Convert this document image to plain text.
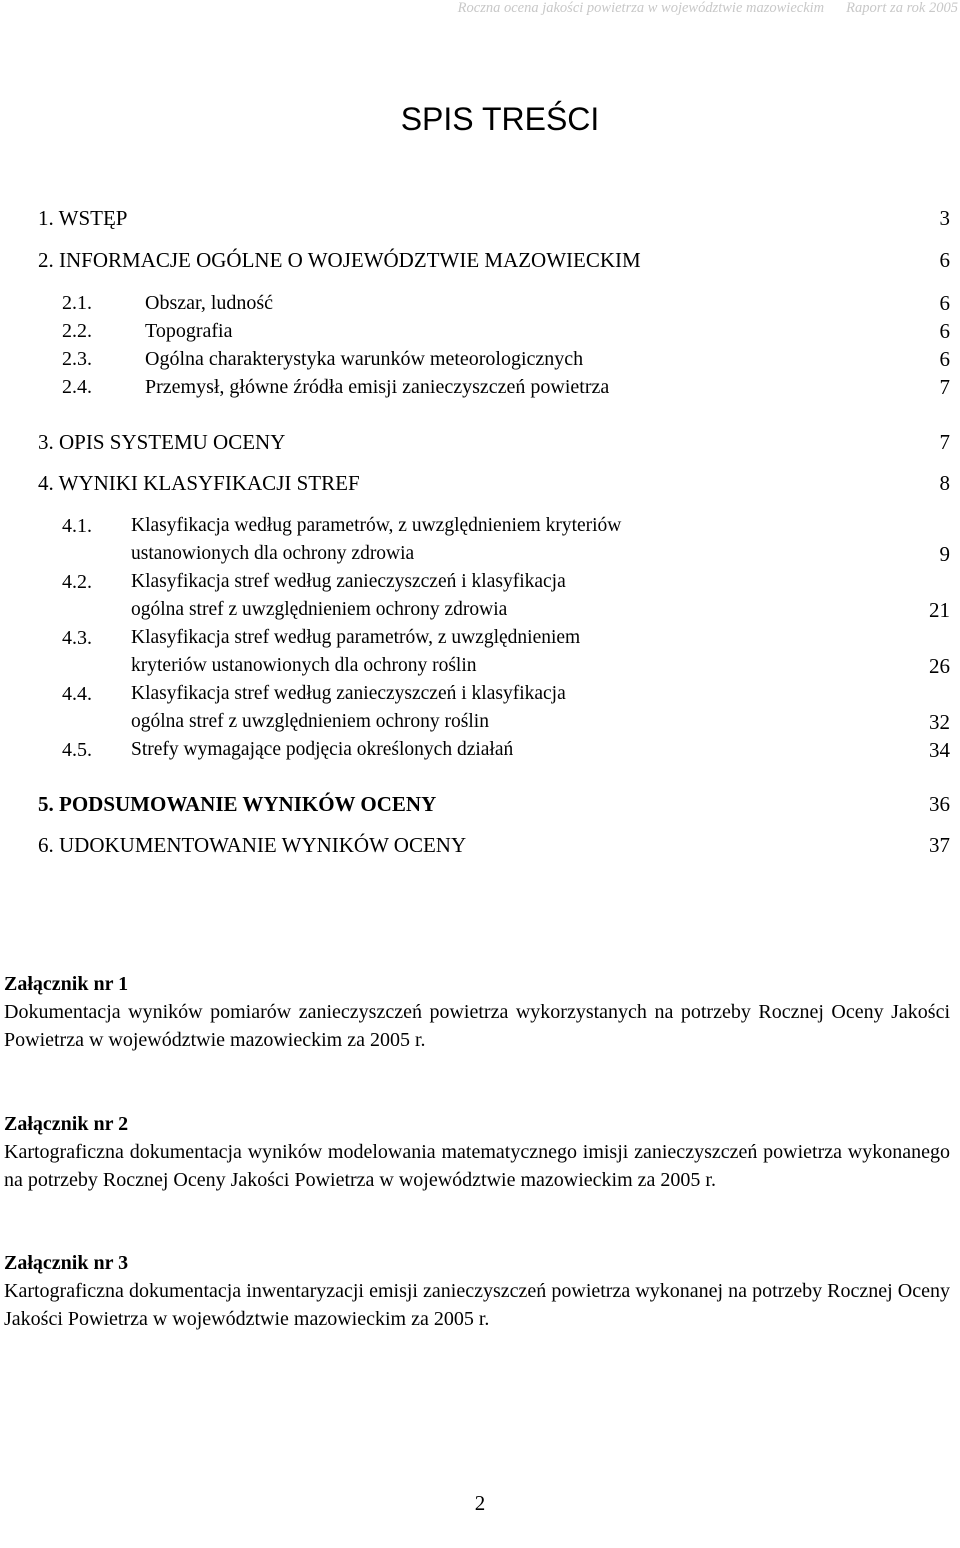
Roczna ocena jakości powietrza w województwie mazowieckim Raport za rok 2005
SPIS TREŚCI
1. WSTĘP	3
2. INFORMACJE OGÓLNE O WOJEWÓDZTWIE MAZOWIECKIM	6
2.1.	Obszar, ludność	6
2.2.	Topografia	6
2.3.	Ogólna charakterystyka warunków meteorologicznych	6
2.4.	Przemysł, główne źródła emisji zanieczyszczeń powietrza	7
3. OPIS SYSTEMU OCENY	7
4. WYNIKI KLASYFIKACJI STREF	8
4.1. Klasyfikacja według parametrów, z uwzględnieniem kryteriów
ustanowionych dla ochrony zdrowia	9
4.2. Klasyfikacja stref według zanieczyszczeń i klasyfikacja
ogólna stref z uwzględnieniem ochrony zdrowia	21
4.3. Klasyfikacja stref według parametrów, z uwzględnieniem
kryteriów ustanowionych dla ochrony roślin	26
4.4. Klasyfikacja stref według zanieczyszczeń i klasyfikacja
ogólna stref z uwzględnieniem ochrony roślin	32
4.5. Strefy wymagające podjęcia określonych działań	34
5. PODSUMOWANIE WYNIKÓW OCENY	36
6. UDOKUMENTOWANIE WYNIKÓW OCENY	37
Załącznik nr 1
Dokumentacja wyników pomiarów zanieczyszczeń powietrza wykorzystanych na potrzeby Rocznej Oceny Jakości Powietrza w województwie mazowieckim za 2005 r.
Załącznik nr 2
Kartograficzna dokumentacja wyników modelowania matematycznego imisji zanieczyszczeń powietrza wykonanego na potrzeby Rocznej Oceny Jakości Powietrza w województwie mazowieckim za 2005 r.
Załącznik nr 3
Kartograficzna dokumentacja inwentaryzacji emisji zanieczyszczeń powietrza wykonanej na potrzeby Rocznej Oceny Jakości Powietrza w województwie mazowieckim za 2005 r.
2
